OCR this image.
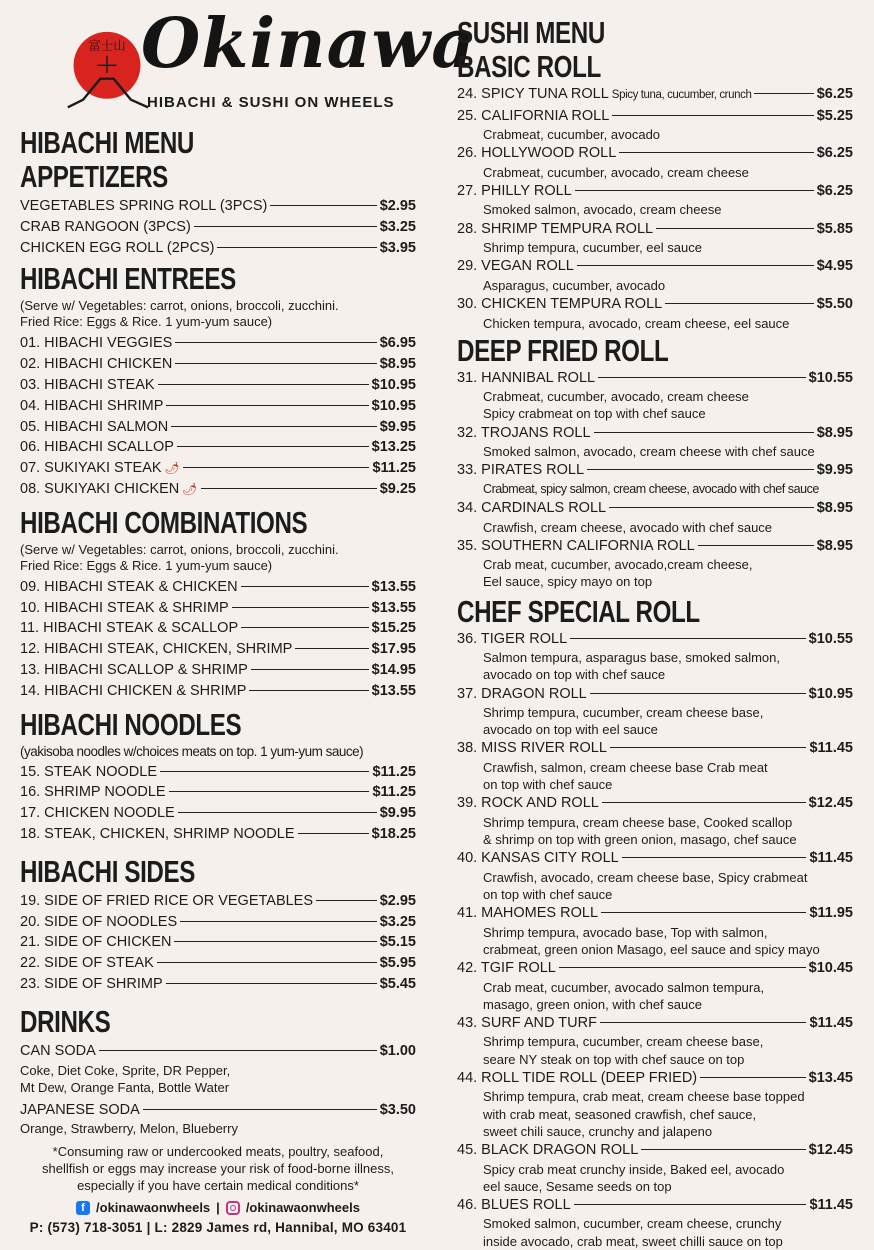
富士山 Okinawa
HIBACHI & SUSHI ON WHEELS
HIBACHI MENU
APPETIZERS
VEGETABLES SPRING ROLL (3PCS)	$2.95
CRAB RANGOON (3PCS)	$3.25
CHICKEN EGG ROLL (2PCS)	$3.95
HIBACHI ENTREES
(Serve w/ Vegetables: carrot, onions, broccoli, zucchini.
Fried Rice: Eggs & Rice. 1 yum-yum sauce)
01. HIBACHI VEGGIES	$6.95
02. HIBACHI CHICKEN	$8.95
03. HIBACHI STEAK	$10.95
04. HIBACHI SHRIMP	$10.95
05. HIBACHI SALMON	$9.95
06. HIBACHI SCALLOP	$13.25
07. SUKIYAKI STEAK 🌶	$11.25
08. SUKIYAKI CHICKEN 🌶	$9.25
HIBACHI COMBINATIONS
(Serve w/ Vegetables: carrot, onions, broccoli, zucchini.
Fried Rice: Eggs & Rice. 1 yum-yum sauce)
09. HIBACHI STEAK & CHICKEN	$13.55
10. HIBACHI STEAK & SHRIMP	$13.55
11. HIBACHI STEAK & SCALLOP	$15.25
12. HIBACHI STEAK, CHICKEN, SHRIMP	$17.95
13. HIBACHI SCALLOP & SHRIMP	$14.95
14. HIBACHI CHICKEN & SHRIMP	$13.55
HIBACHI NOODLES
(yakisoba noodles w/choices meats on top. 1 yum-yum sauce)
15. STEAK NOODLE	$11.25
16. SHRIMP NOODLE	$11.25
17. CHICKEN NOODLE	$9.95
18. STEAK, CHICKEN, SHRIMP NOODLE	$18.25
HIBACHI SIDES
19. SIDE OF FRIED RICE OR VEGETABLES	$2.95
20. SIDE OF NOODLES	$3.25
21. SIDE OF CHICKEN	$5.15
22. SIDE OF STEAK	$5.95
23. SIDE OF SHRIMP	$5.45
DRINKS
CAN SODA	$1.00
Coke, Diet Coke, Sprite, DR Pepper,
Mt Dew, Orange Fanta, Bottle Water
JAPANESE SODA	$3.50
Orange, Strawberry, Melon, Blueberry
*Consuming raw or undercooked meats, poultry, seafood,
shellfish or eggs may increase your risk of food-borne illness,
especially if you have certain medical conditions*
f /okinawaonwheels | /okinawaonwheels
P: (573) 718-3051 | L: 2829 James rd, Hannibal, MO 63401
SUSHI MENU
BASIC ROLL
24. SPICY TUNA ROLL Spicy tuna, cucumber, crunch	$6.25
25. CALIFORNIA ROLL	$5.25
Crabmeat, cucumber, avocado
26. HOLLYWOOD ROLL	$6.25
Crabmeat, cucumber, avocado, cream cheese
27. PHILLY ROLL	$6.25
Smoked salmon, avocado, cream cheese
28. SHRIMP TEMPURA ROLL	$5.85
Shrimp tempura, cucumber, eel sauce
29. VEGAN ROLL	$4.95
Asparagus, cucumber, avocado
30. CHICKEN TEMPURA ROLL	$5.50
Chicken tempura, avocado, cream cheese, eel sauce
DEEP FRIED ROLL
31. HANNIBAL ROLL	$10.55
Crabmeat, cucumber, avocado, cream cheese
Spicy crabmeat on top with chef sauce
32. TROJANS ROLL	$8.95
Smoked salmon, avocado, cream cheese with chef sauce
33. PIRATES ROLL	$9.95
Crabmeat, spicy salmon, cream cheese, avocado with chef sauce
34. CARDINALS ROLL	$8.95
Crawfish, cream cheese, avocado with chef sauce
35. SOUTHERN CALIFORNIA ROLL	$8.95
Crab meat, cucumber, avocado,cream cheese,
Eel sauce, spicy mayo on top
CHEF SPECIAL ROLL
36. TIGER ROLL	$10.55
Salmon tempura, asparagus base, smoked salmon,
avocado on top with chef sauce
37. DRAGON ROLL	$10.95
Shrimp tempura, cucumber, cream cheese base,
avocado on top with eel sauce
38. MISS RIVER ROLL	$11.45
Crawfish, salmon, cream cheese base Crab meat
on top with chef sauce
39. ROCK AND ROLL	$12.45
Shrimp tempura, cream cheese base, Cooked scallop
& shrimp on top with green onion, masago, chef sauce
40. KANSAS CITY ROLL	$11.45
Crawfish, avocado, cream cheese base, Spicy crabmeat
on top with chef sauce
41. MAHOMES ROLL	$11.95
Shrimp tempura, avocado base, Top with salmon,
crabmeat, green onion Masago, eel sauce and spicy mayo
42. TGIF ROLL	$10.45
Crab meat, cucumber, avocado salmon tempura,
masago, green onion, with chef sauce
43. SURF AND TURF	$11.45
Shrimp tempura, cucumber, cream cheese base,
seare NY steak on top with chef sauce on top
44. ROLL TIDE ROLL (DEEP FRIED)	$13.45
Shrimp tempura, crab meat, cream cheese base topped
with crab meat, seasoned crawfish, chef sauce,
sweet chili sauce, crunchy and jalapeno
45. BLACK DRAGON ROLL	$12.45
Spicy crab meat crunchy inside, Baked eel, avocado
eel sauce, Sesame seeds on top
46. BLUES ROLL	$11.45
Smoked salmon, cucumber, cream cheese, crunchy
inside avocado, crab meat, sweet chilli sauce on top
